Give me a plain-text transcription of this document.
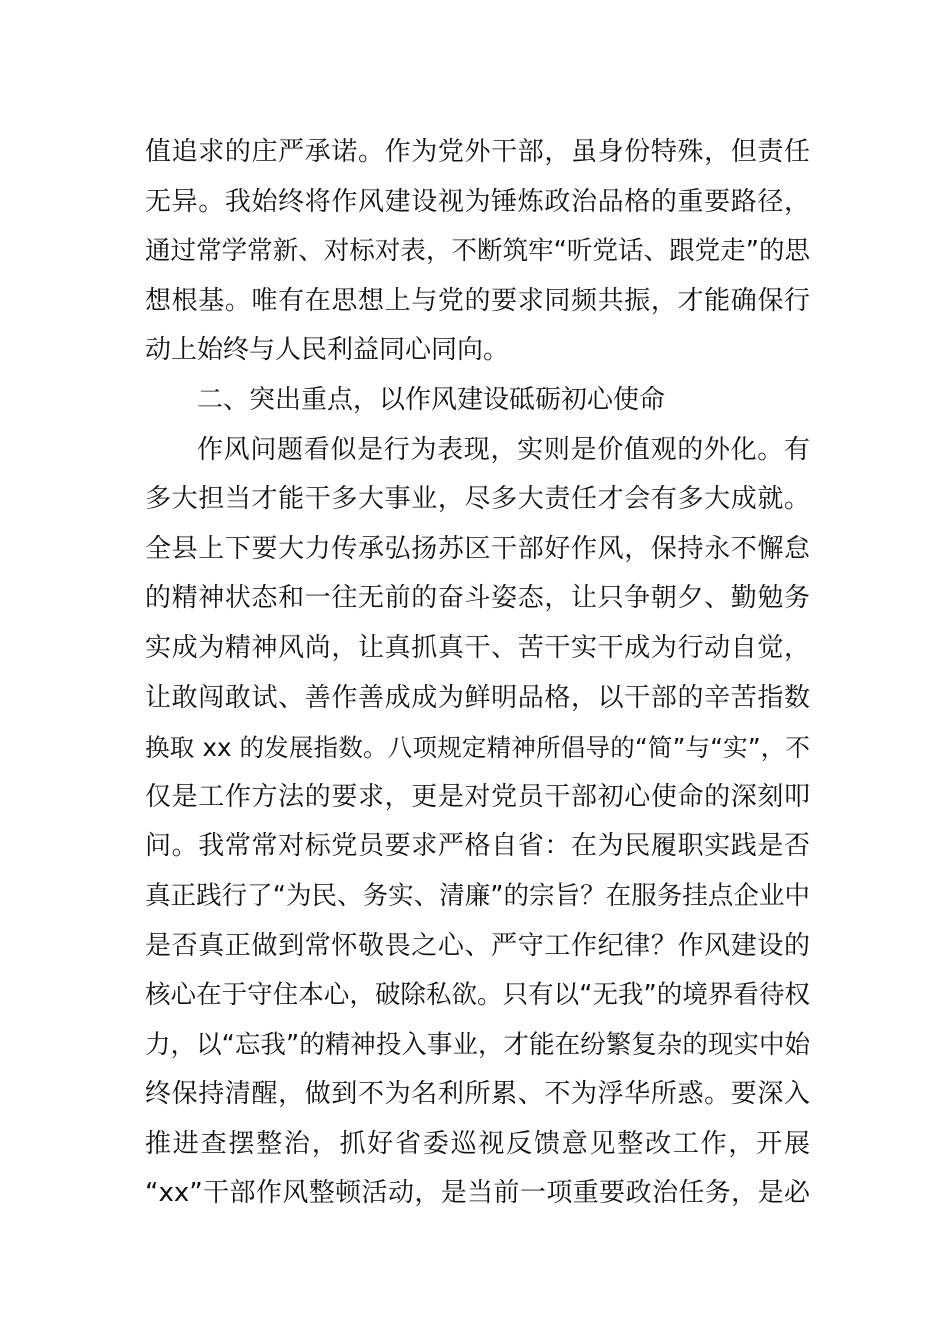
值追求的庄严承诺。作为党外干部，虽身份特殊，但责任
无异。我始终将作风建设视为锤炼政治品格的重要路径，
通过常学常新、对标对表，不断筑牢“听党话、跟党走”的思
想根基。唯有在思想上与党的要求同频共振，才能确保行
动上始终与人民利益同心同向。
二、突出重点，以作风建设砥砺初心使命
作风问题看似是行为表现，实则是价值观的外化。有
多大担当才能干多大事业，尽多大责任才会有多大成就。
全县上下要大力传承弘扬苏区干部好作风，保持永不懈怠
的精神状态和一往无前的奋斗姿态，让只争朝夕、勤勉务
实成为精神风尚，让真抓真干、苦干实干成为行动自觉，
让敢闯敢试、善作善成成为鲜明品格，以干部的辛苦指数
换取 xx 的发展指数。八项规定精神所倡导的“简”与“实”，不
仅是工作方法的要求，更是对党员干部初心使命的深刻叩
问。我常常对标党员要求严格自省：在为民履职实践是否
真正践行了“为民、务实、清廉”的宗旨？在服务挂点企业中
是否真正做到常怀敬畏之心、严守工作纪律？作风建设的
核心在于守住本心，破除私欲。只有以“无我”的境界看待权
力，以“忘我”的精神投入事业，才能在纷繁复杂的现实中始
终保持清醒，做到不为名利所累、不为浮华所惑。要深入
推进查摆整治，抓好省委巡视反馈意见整改工作，开展
“xx”干部作风整顿活动，是当前一项重要政治任务，是必
